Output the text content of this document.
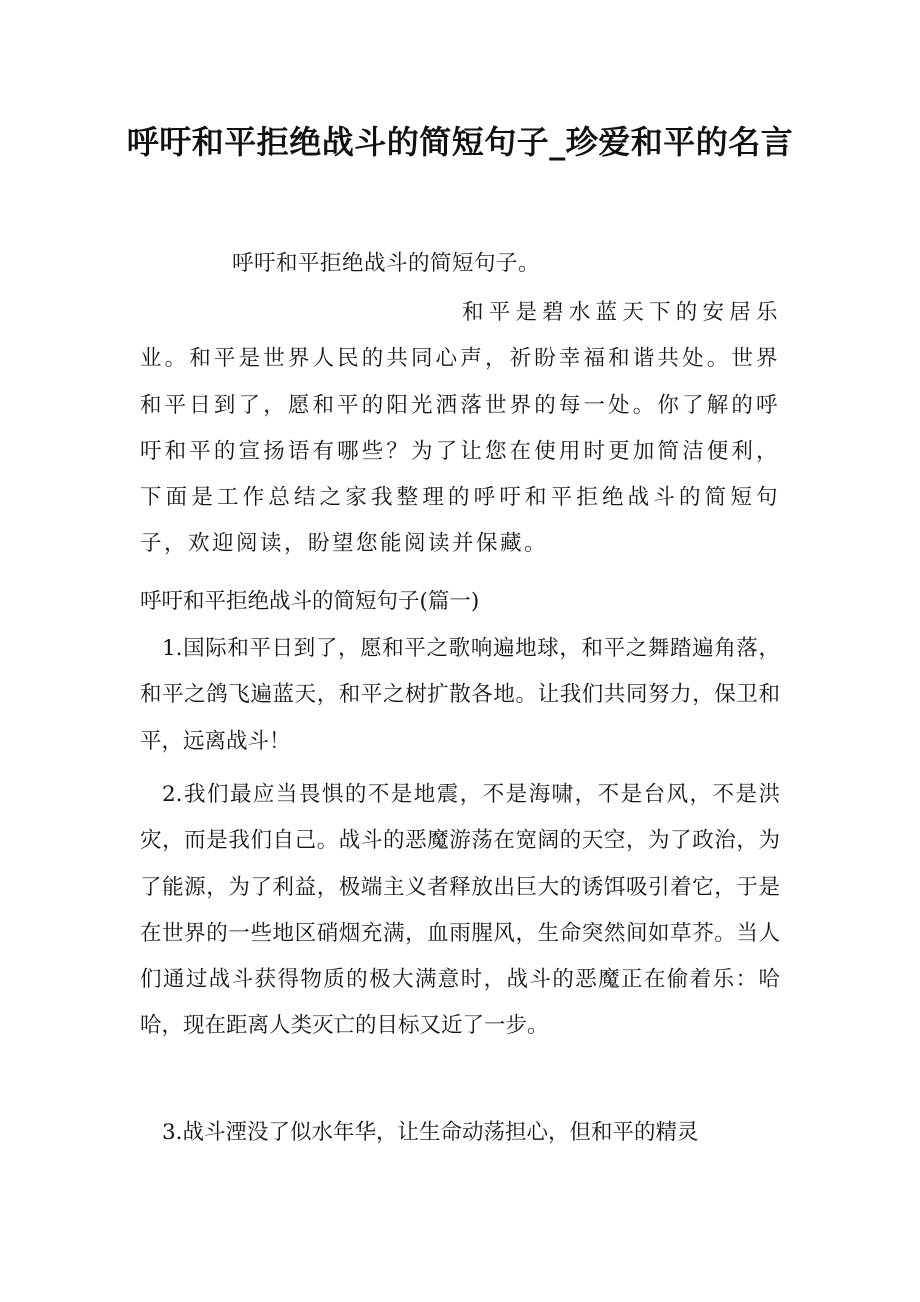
呼吁和平拒绝战斗的简短句子_珍爱和平的名言

呼吁和平拒绝战斗的简短句子。

和平是碧水蓝天下的安居乐业。和平是世界人民的共同心声，祈盼幸福和谐共处。世界和平日到了，愿和平的阳光洒落世界的每一处。你了解的呼吁和平的宣扬语有哪些？为了让您在使用时更加简洁便利，下面是工作总结之家我整理的呼吁和平拒绝战斗的简短句子，欢迎阅读，盼望您能阅读并保藏。

呼吁和平拒绝战斗的简短句子(篇一)

1.国际和平日到了，愿和平之歌响遍地球，和平之舞踏遍角落，和平之鸽飞遍蓝天，和平之树扩散各地。让我们共同努力，保卫和平，远离战斗！

2.我们最应当畏惧的不是地震，不是海啸，不是台风，不是洪灾，而是我们自己。战斗的恶魔游荡在宽阔的天空，为了政治，为了能源，为了利益，极端主义者释放出巨大的诱饵吸引着它，于是在世界的一些地区硝烟充满，血雨腥风，生命突然间如草芥。当人们通过战斗获得物质的极大满意时，战斗的恶魔正在偷着乐：哈哈，现在距离人类灭亡的目标又近了一步。

3.战斗湮没了似水年华，让生命动荡担心，但和平的精灵
